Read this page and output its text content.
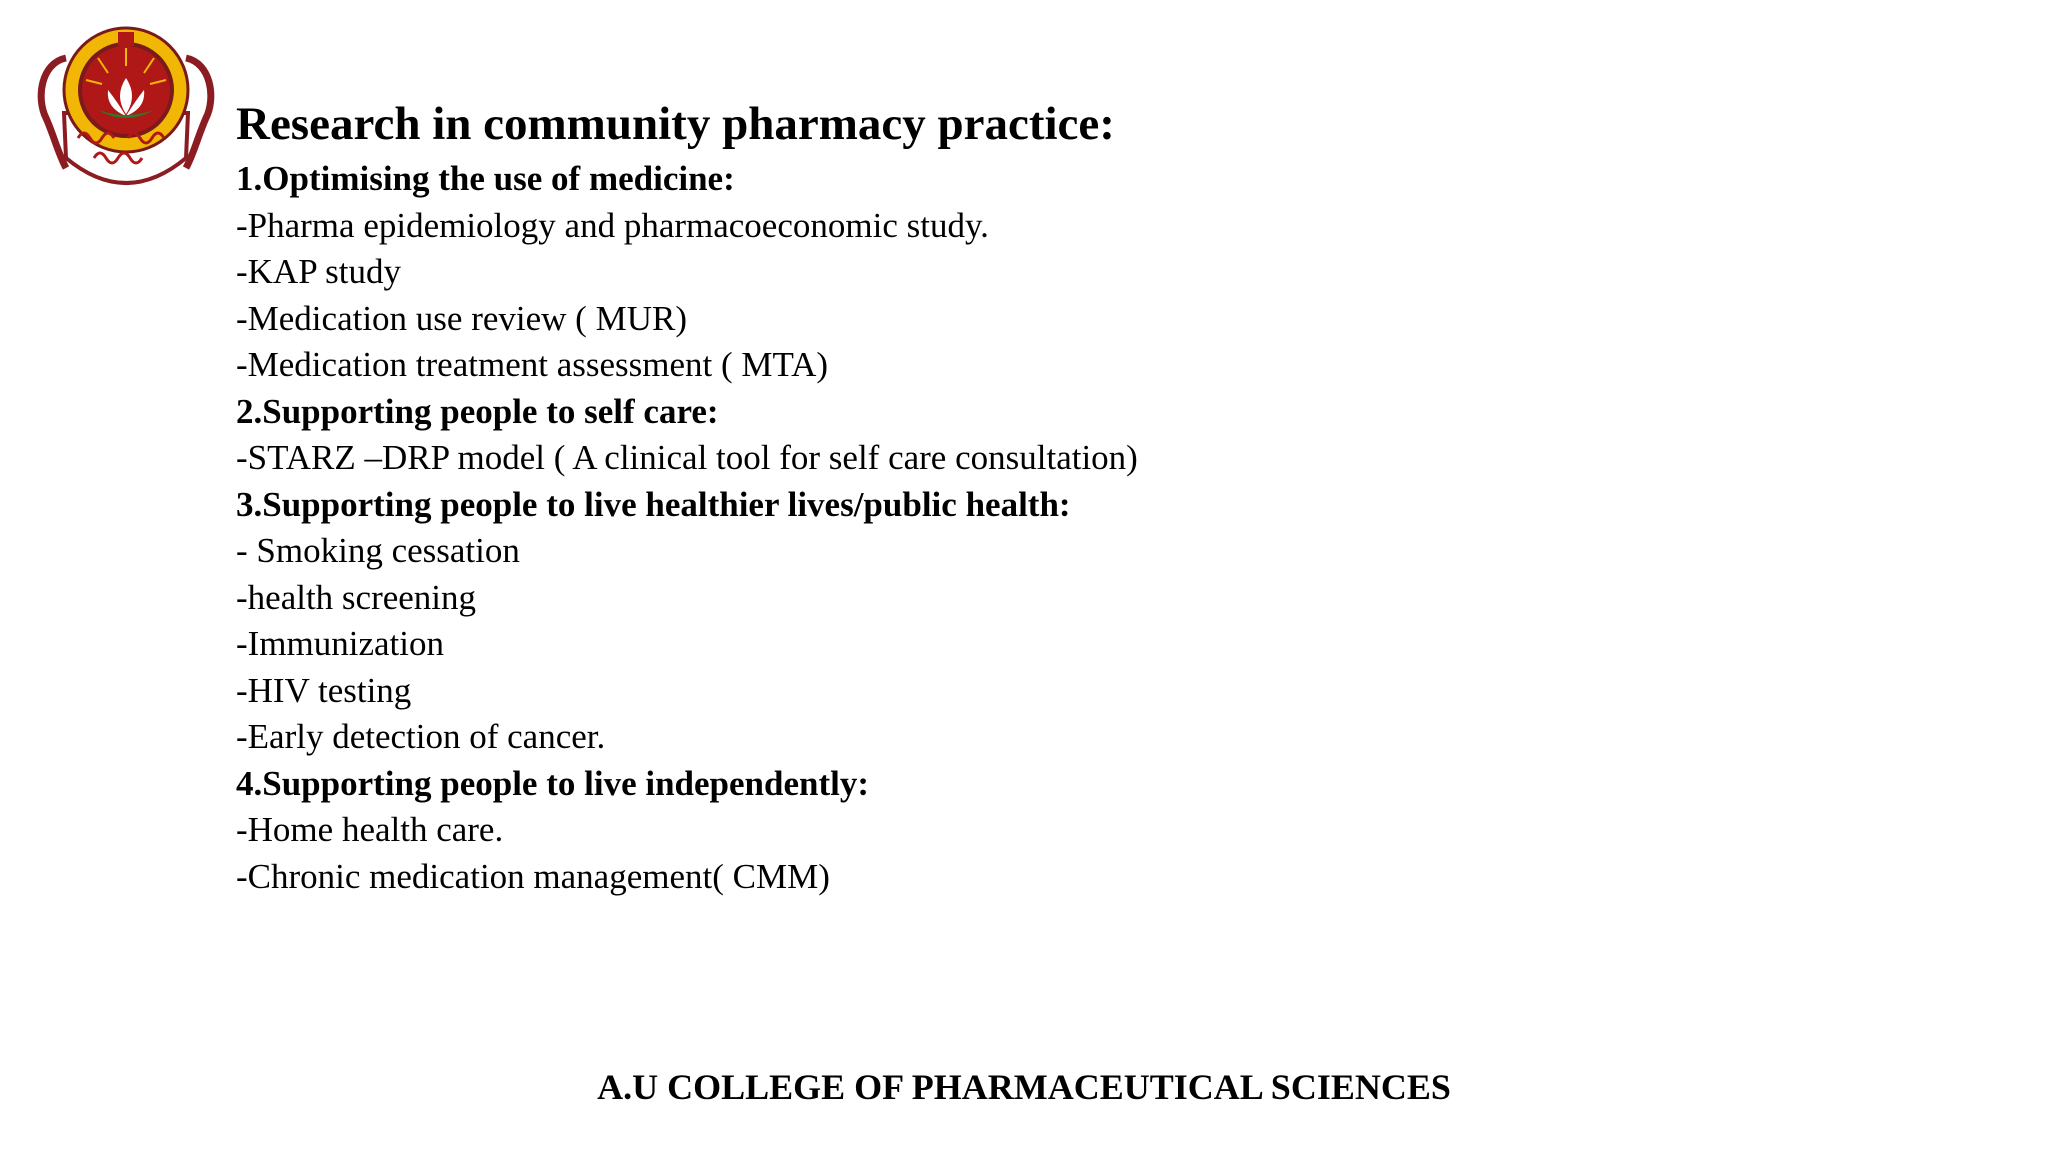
Research in community pharmacy practice:
1.Optimising the use of medicine:
-Pharma epidemiology and pharmacoeconomic study.
-KAP study
-Medication use review ( MUR)
-Medication treatment assessment ( MTA)
2.Supporting people to self care:
-STARZ –DRP model ( A clinical tool for self care consultation)
3.Supporting people to live healthier lives/public health:
- Smoking cessation
-health screening
-Immunization
-HIV testing
-Early detection of cancer.
4.Supporting people to live independently:
-Home health care.
-Chronic medication management( CMM)
A.U COLLEGE OF PHARMACEUTICAL SCIENCES
